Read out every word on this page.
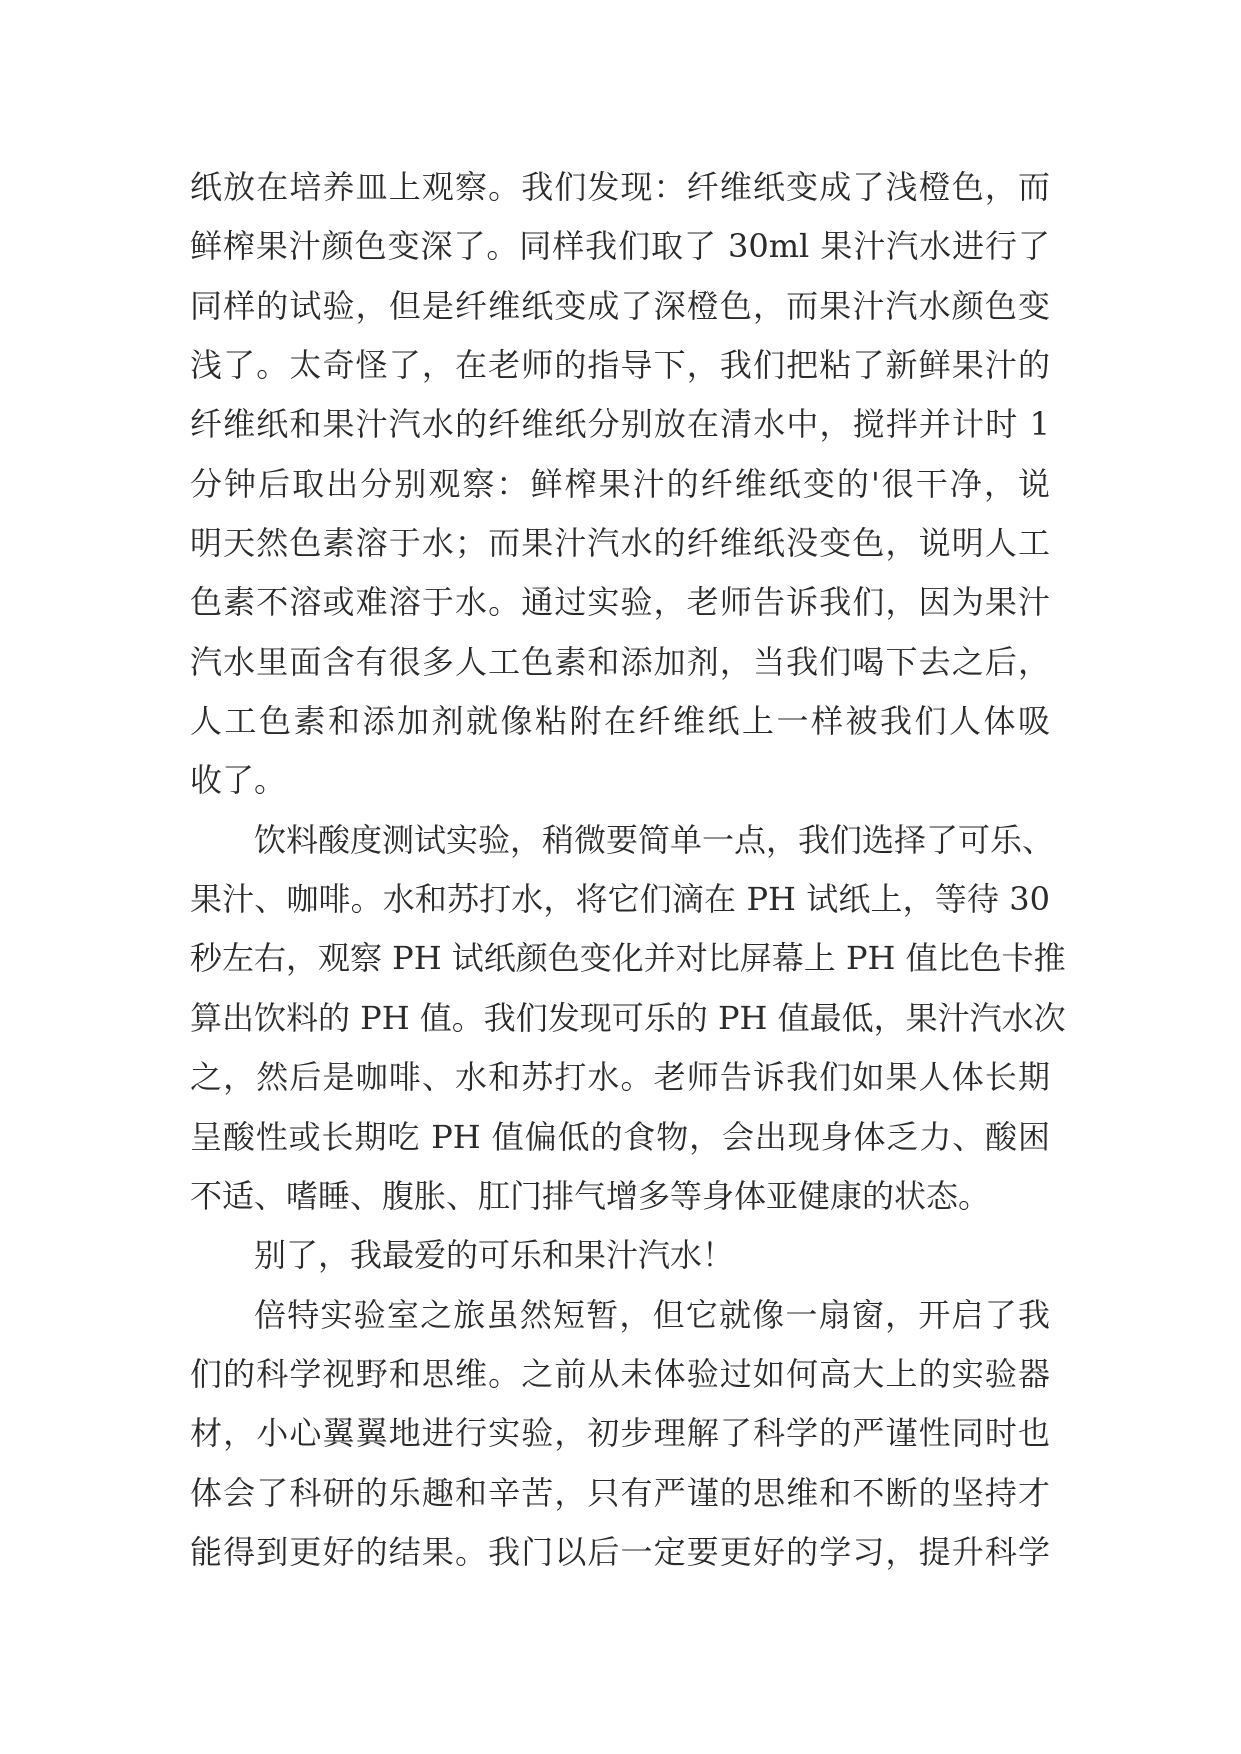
纸放在培养皿上观察。我们发现：纤维纸变成了浅橙色，而
鲜榨果汁颜色变深了。同样我们取了 30ml 果汁汽水进行了
同样的试验，但是纤维纸变成了深橙色，而果汁汽水颜色变
浅了。太奇怪了，在老师的指导下，我们把粘了新鲜果汁的
纤维纸和果汁汽水的纤维纸分别放在清水中，搅拌并计时 1
分钟后取出分别观察：鲜榨果汁的纤维纸变的'很干净，说
明天然色素溶于水；而果汁汽水的纤维纸没变色，说明人工
色素不溶或难溶于水。通过实验，老师告诉我们，因为果汁
汽水里面含有很多人工色素和添加剂，当我们喝下去之后，
人工色素和添加剂就像粘附在纤维纸上一样被我们人体吸
收了。
饮料酸度测试实验，稍微要简单一点，我们选择了可乐、
果汁、咖啡。水和苏打水，将它们滴在 PH 试纸上，等待 30
秒左右，观察 PH 试纸颜色变化并对比屏幕上 PH 值比色卡推
算出饮料的 PH 值。我们发现可乐的 PH 值最低，果汁汽水次
之，然后是咖啡、水和苏打水。老师告诉我们如果人体长期
呈酸性或长期吃 PH 值偏低的食物，会出现身体乏力、酸困
不适、嗜睡、腹胀、肛门排气增多等身体亚健康的状态。
别了，我最爱的可乐和果汁汽水！
倍特实验室之旅虽然短暂，但它就像一扇窗，开启了我
们的科学视野和思维。之前从未体验过如何高大上的实验器
材，小心翼翼地进行实验，初步理解了科学的严谨性同时也
体会了科研的乐趣和辛苦，只有严谨的思维和不断的坚持才
能得到更好的结果。我门以后一定要更好的学习，提升科学
